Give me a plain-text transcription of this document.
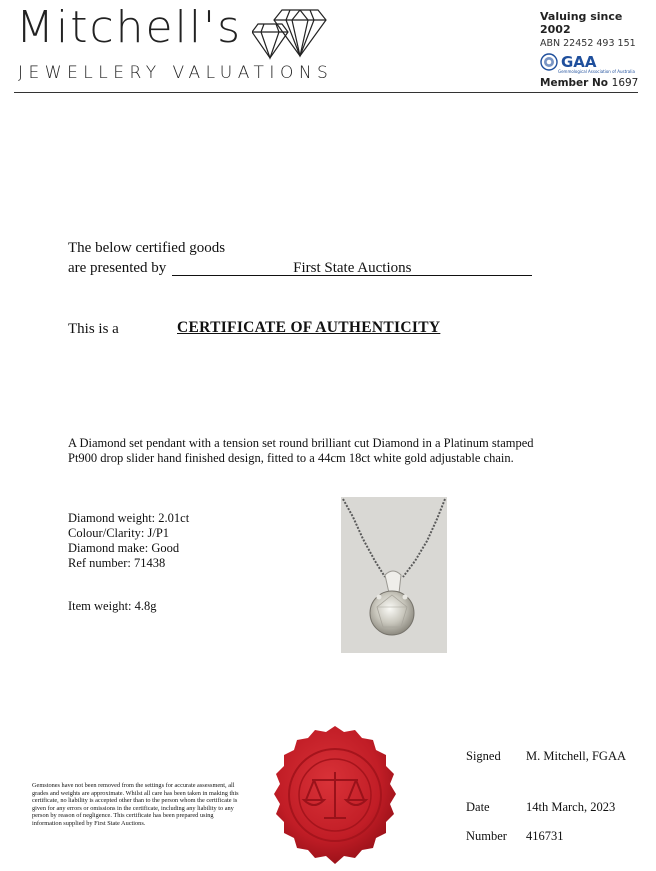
Mitchell's
JEWELLERY VALUATIONS
Valuing since 2002
ABN 22452 493 151
GAA
Gemmological Association of Australia
Member No 1697
The below certified goods
are presented by	First State Auctions
This is a	CERTIFICATE OF AUTHENTICITY
A Diamond set pendant with a tension set round brilliant cut Diamond in a Platinum stamped Pt900 drop slider hand finished design, fitted to a 44cm 18ct white gold adjustable chain.
Diamond weight: 2.01ct
Colour/Clarity: J/P1
Diamond make: Good
Ref number: 71438
Item weight: 4.8g
Gemstones have not been removed from the settings for accurate assessment, all grades and weights are approximate. Whilst all care has been taken in making this certificate, no liability is accepted other than to the person whom the certificate is given for any errors or omissions in the certificate, including any liability to any person by reason of negligence. This certificate has been prepared using information supplied by First State Auctions.
Signed M. Mitchell, FGAA
Date	14th March, 2023
Number 416731
